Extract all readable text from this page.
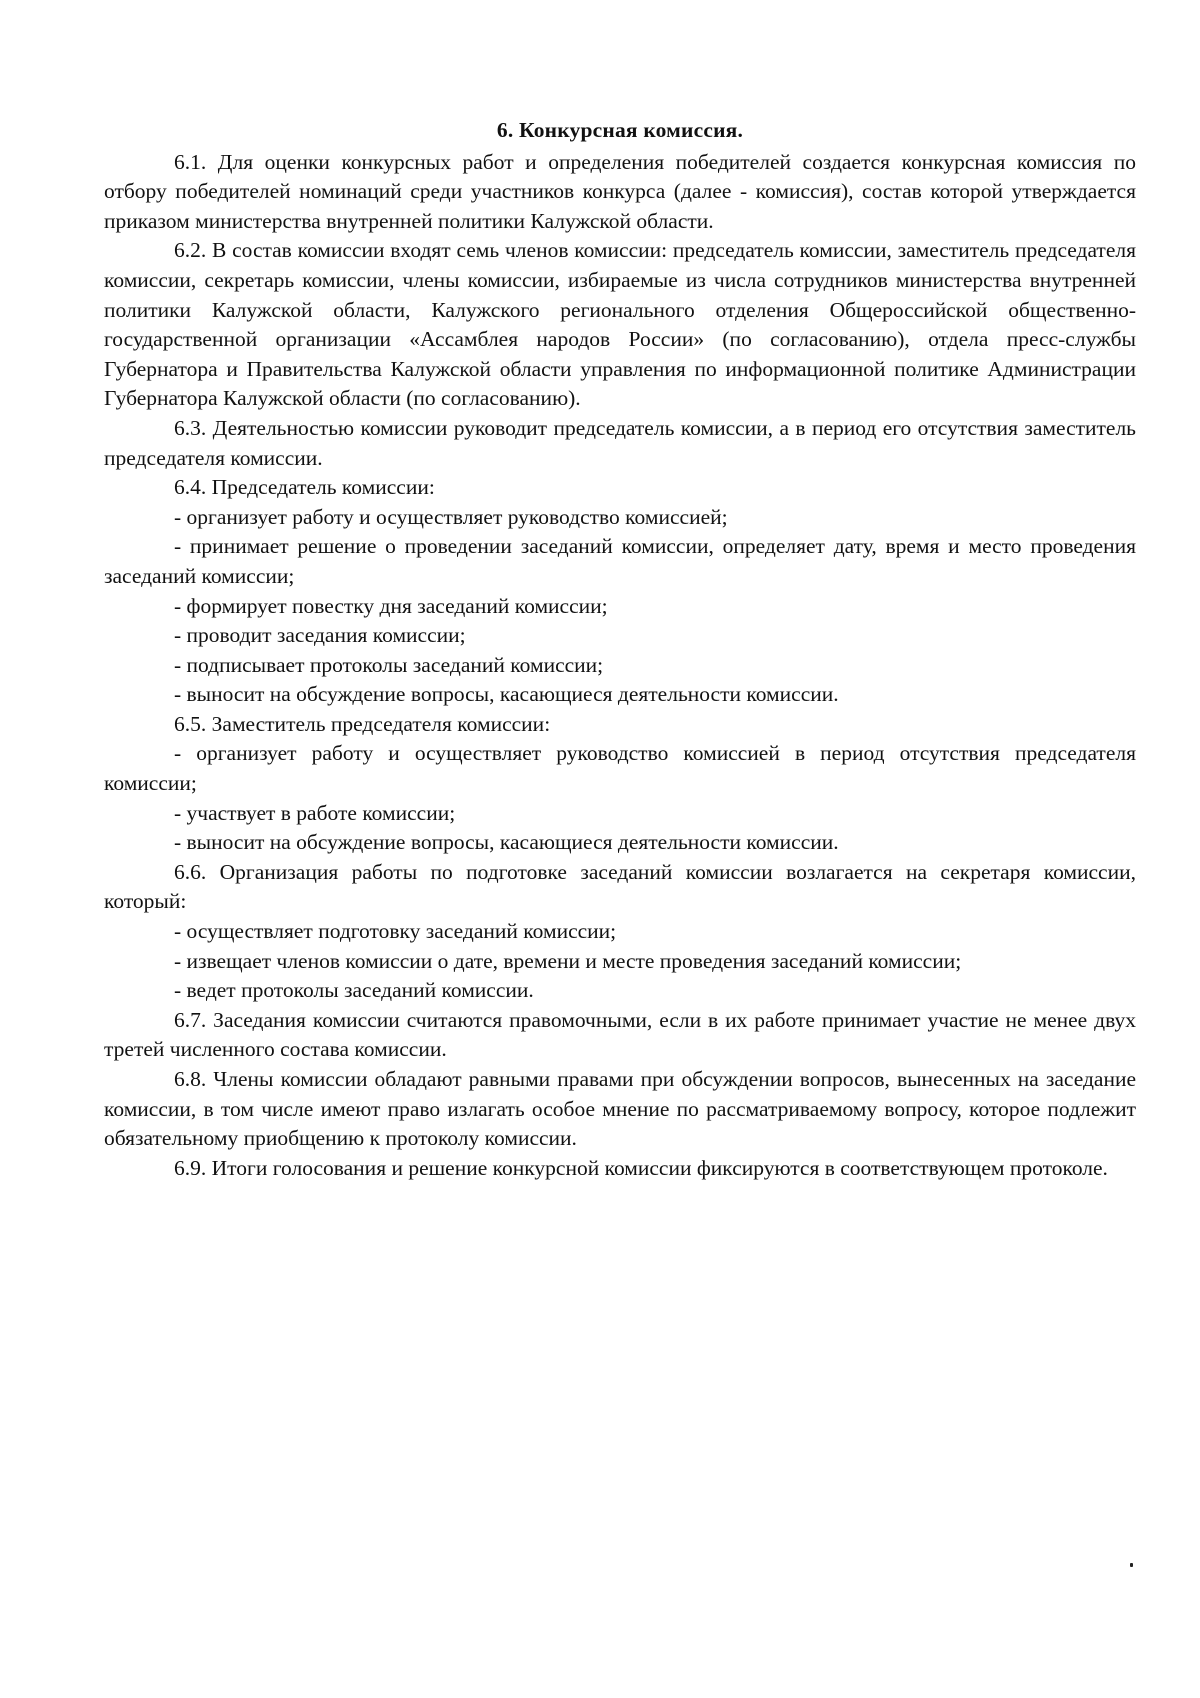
6. Конкурсная комиссия.

6.1. Для оценки конкурсных работ и определения победителей создается конкурсная комиссия по отбору победителей номинаций среди участников конкурса (далее - комиссия), состав которой утверждается приказом министерства внутренней политики Калужской области.

6.2. В состав комиссии входят семь членов комиссии: председатель комиссии, заместитель председателя комиссии, секретарь комиссии, члены комиссии, избираемые из числа сотрудников министерства внутренней политики Калужской области, Калужского регионального отделения Общероссийской общественно-государственной организации «Ассамблея народов России» (по согласованию), отдела пресс-службы Губернатора и Правительства Калужской области управления по информационной политике Администрации Губернатора Калужской области (по согласованию).

6.3. Деятельностью комиссии руководит председатель комиссии, а в период его отсутствия заместитель председателя комиссии.

6.4. Председатель комиссии:

- организует работу и осуществляет руководство комиссией;

- принимает решение о проведении заседаний комиссии, определяет дату, время и место проведения заседаний комиссии;

- формирует повестку дня заседаний комиссии;

- проводит заседания комиссии;

- подписывает протоколы заседаний комиссии;

- выносит на обсуждение вопросы, касающиеся деятельности комиссии.

6.5. Заместитель председателя комиссии:

- организует работу и осуществляет руководство комиссией в период отсутствия председателя комиссии;

- участвует в работе комиссии;

- выносит на обсуждение вопросы, касающиеся деятельности комиссии.

6.6. Организация работы по подготовке заседаний комиссии возлагается на секретаря комиссии, который:

- осуществляет подготовку заседаний комиссии;

- извещает членов комиссии о дате, времени и месте проведения заседаний комиссии;

- ведет протоколы заседаний комиссии.

6.7. Заседания комиссии считаются правомочными, если в их работе принимает участие не менее двух третей численного состава комиссии.

6.8. Члены комиссии обладают равными правами при обсуждении вопросов, вынесенных на заседание комиссии, в том числе имеют право излагать особое мнение по рассматриваемому вопросу, которое подлежит обязательному приобщению к протоколу комиссии.

6.9. Итоги голосования и решение конкурсной комиссии фиксируются в соответствующем протоколе.
